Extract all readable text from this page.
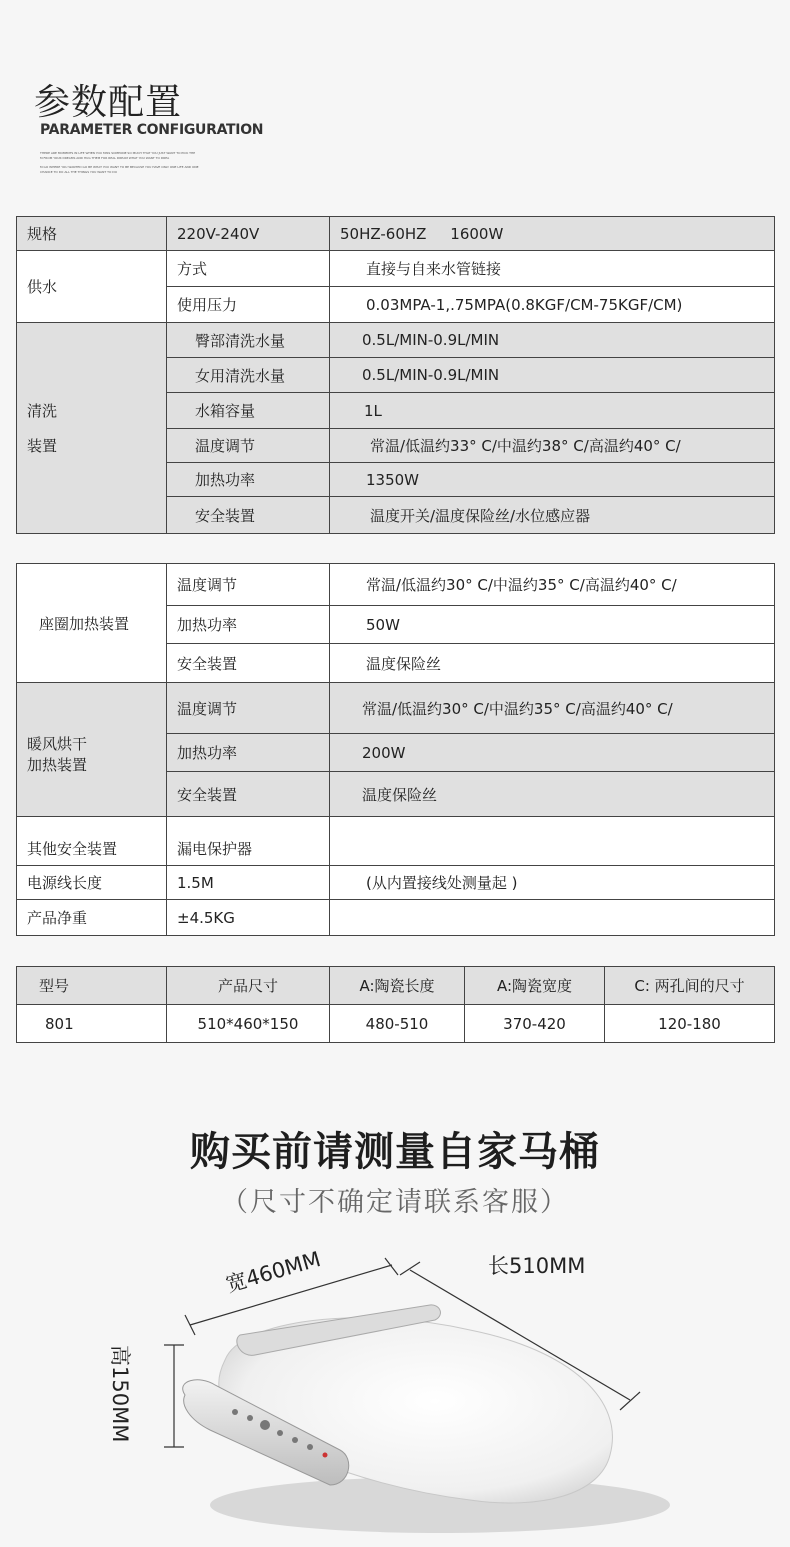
参数配置
PARAMETER CONFIGURATION
THERE ARE MOMENTS IN LIFE WHEN YOU MISS SOMEONE SO MUCH THAT YOU JUST WANT TO PICK THE
M FROM YOUR DREAMS AND HUG THEM FOR REAL DREAM WHAT YOU WANT TO DREA
M GO WHERE YOU WANTED GO BE WHAT YOU WANT TO BE BECAUSE YOU HAVE ONLY ONE LIFE AND ONE
CHANCE TO DO ALL THE THINGS YOU WANT TO DO
规格	220V-240V	50HZ-60HZ     1600W
供水	方式	直接与自来水管链接
	使用压力	0.03MPA-1,.75MPA(0.8KGF/CM-75KGF/CM)

清洗
装置	臀部清洗水量	0.5L/MIN-0.9L/MIN
	女用清洗水量	0.5L/MIN-0.9L/MIN
	水箱容量	1L
	温度调节	常温/低温约33° C/中温约38° C/高温约40° C/
	加热功率	1350W
	安全装置	温度开关/温度保险丝/水位感应器
座圈加热装置	温度调节	常温/低温约30° C/中温约35° C/高温约40° C/
	加热功率	50W
	安全装置	温度保险丝

暖风烘干
加热装置	温度调节	常温/低温约30° C/中温约35° C/高温约40° C/
	加热功率	200W
	安全装置	温度保险丝
其他安全装置	漏电保护器	
电源线长度	1.5M	(从内置接线处测量起 )
产品净重	±4.5KG	
型号	产品尺寸	A:陶瓷长度	A:陶瓷宽度	C: 两孔间的尺寸
801	510*460*150	480-510	370-420	120-180
购买前请测量自家马桶
（尺寸不确定请联系客服）
宽460MM	长510MM
高150MM
